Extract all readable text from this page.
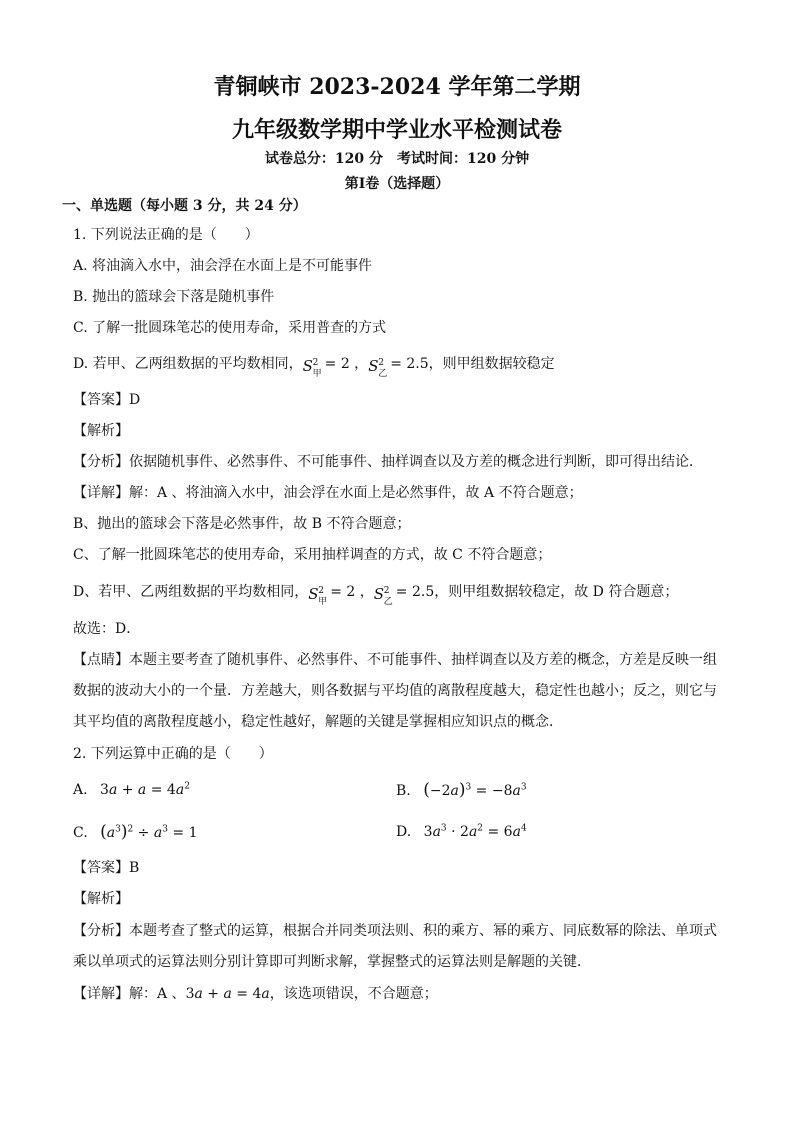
青铜峡市 2023-2024 学年第二学期
九年级数学期中学业水平检测试卷
试卷总分：120 分　考试时间：120 分钟
第Ⅰ卷（选择题）
一、单选题（每小题 3 分，共 24 分）
1. 下列说法正确的是（　　）
A. 将油滴入水中，油会浮在水面上是不可能事件
B. 抛出的篮球会下落是随机事件
C. 了解一批圆珠笔芯的使用寿命，采用普查的方式
D. 若甲、乙两组数据的平均数相同， S 2
甲
= 2 ， S 2
乙
= 2.5，则甲组数据较稳定
【答案】D
【解析】
【分析】依据随机事件、必然事件、不可能事件、抽样调查以及方差的概念进行判断，即可得出结论．
【详解】解：A 、将油滴入水中，油会浮在水面上是必然事件，故 A 不符合题意；
B、抛出的篮球会下落是必然事件，故 B 不符合题意；
C、了解一批圆珠笔芯的使用寿命，采用抽样调查的方式，故 C 不符合题意；
D、若甲、乙两组数据的平均数相同， S 2
甲
= 2 ， S 2
乙
= 2.5，则甲组数据较稳定，故 D 符合题意；
故选：D．
【点睛】本题主要考查了随机事件、必然事件、不可能事件、抽样调查以及方差的概念，方差是反映一组
数据的波动大小的一个量．方差越大，则各数据与平均值的离散程度越大，稳定性也越小；反之，则它与
其平均值的离散程度越小，稳定性越好，解题的关键是掌握相应知识点的概念．
2. 下列运算中正确的是（　　）
A. $3a + a = 4a^2$	B. $(-2a)^3 = -8a^3$
C. $(a^3)^2 \div a^3 = 1$	D. $3a^3 \cdot 2a^2 = 6a^4$
【答案】B
【解析】
【分析】本题考查了整式的运算，根据合并同类项法则、积的乘方、幂的乘方、同底数幂的除法、单项式
乘以单项式的运算法则分别计算即可判断求解，掌握整式的运算法则是解题的关键．
【详解】解：A 、3a + a = 4a，该选项错误，不合题意；
